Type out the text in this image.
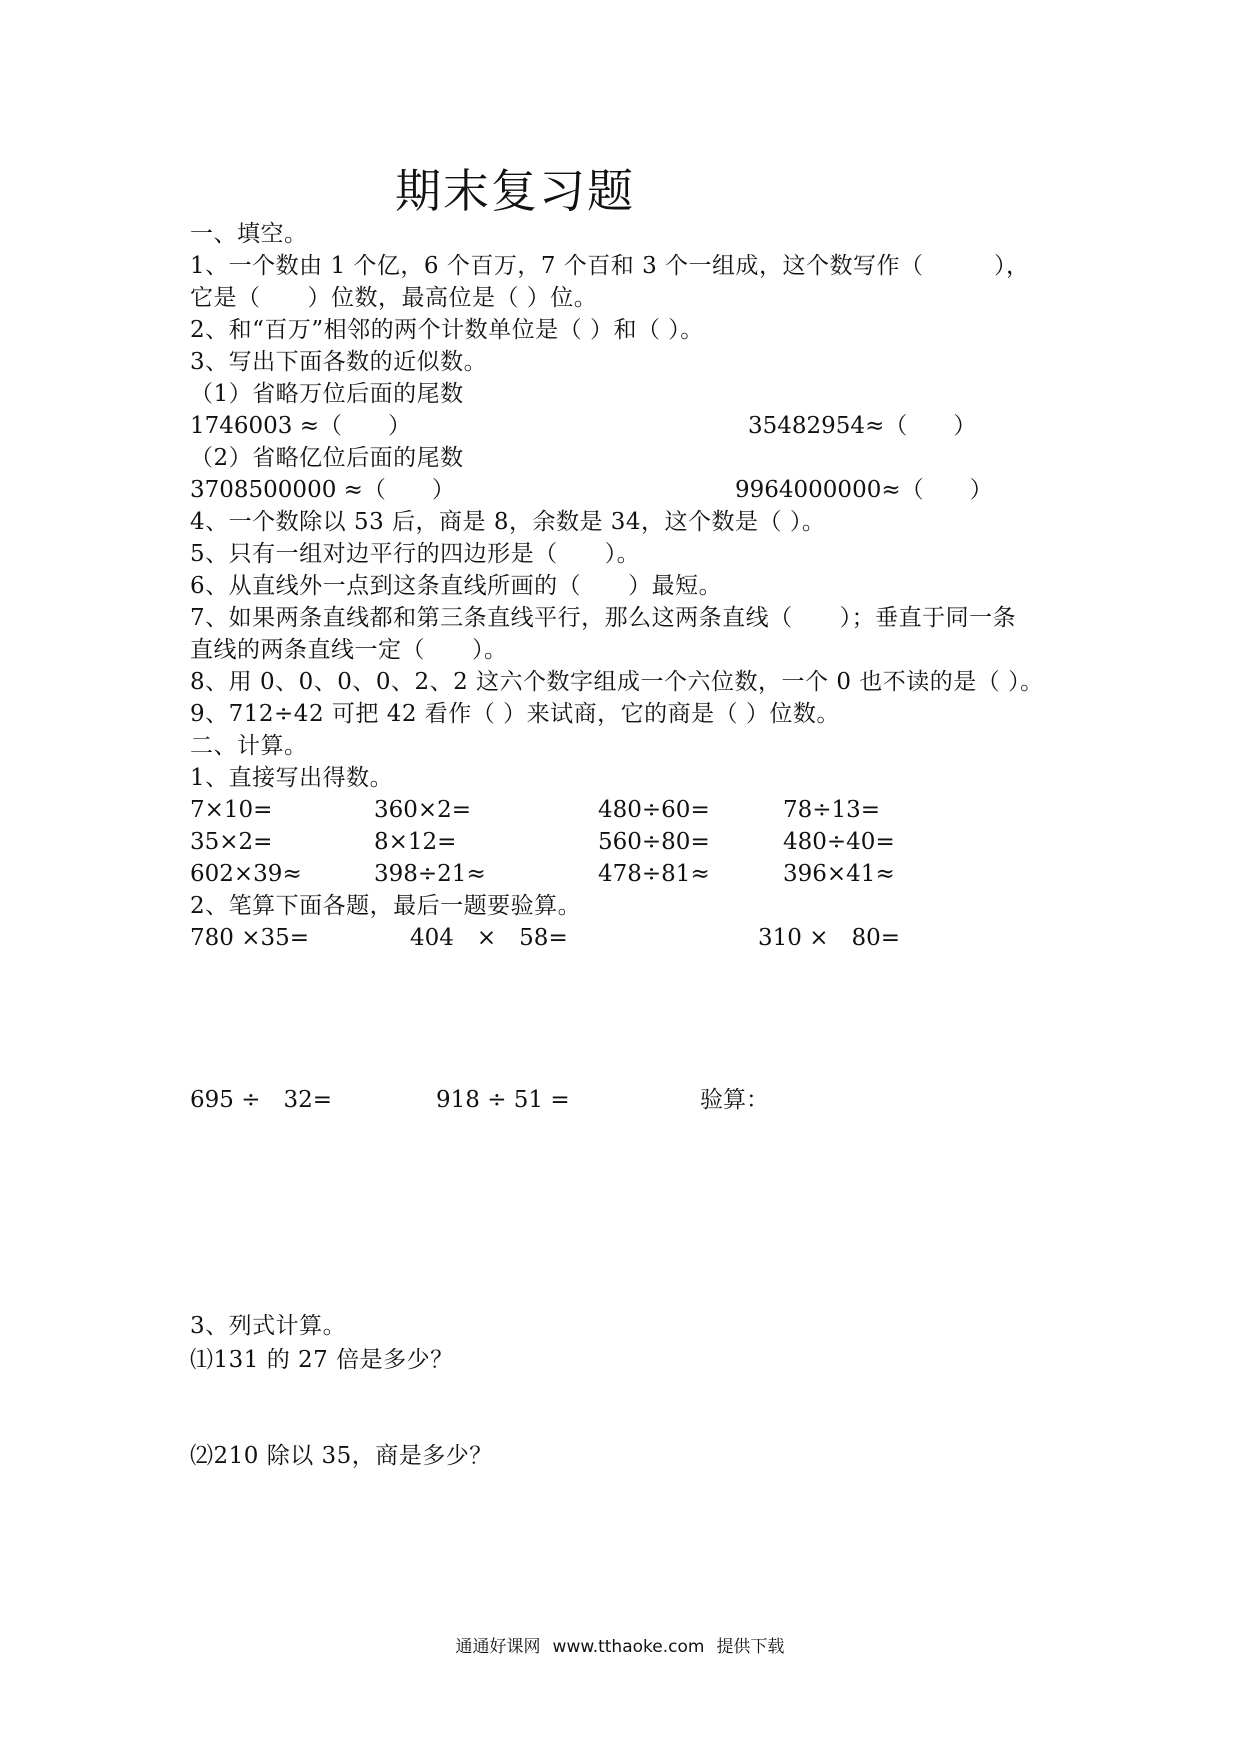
期末复习题
一、填空。
1、一个数由 1 个亿，6 个百万，7 个百和 3 个一组成，这个数写作（　　　），
它是（　　）位数，最高位是（ ）位。
2、和“百万”相邻的两个计数单位是（ ）和（ ）。
3、写出下面各数的近似数。
（1）省略万位后面的尾数
1746003 ≈（　　）	35482954≈（　　）
（2）省略亿位后面的尾数
3708500000 ≈（　　）	9964000000≈（　　）
4、一个数除以 53 后，商是 8，余数是 34，这个数是（ ）。
5、只有一组对边平行的四边形是（　　）。
6、从直线外一点到这条直线所画的（　　）最短。
7、如果两条直线都和第三条直线平行，那么这两条直线（　　）；垂直于同一条
直线的两条直线一定（　　）。
8、用 0、0、0、0、2、2 这六个数字组成一个六位数，一个 0 也不读的是（ ）。
9、712÷42 可把 42 看作（ ）来试商，它的商是（ ）位数。
二、计算。
1、直接写出得数。
7×10=	360×2=	480÷60=	78÷13=
35×2=	8×12=	560÷80=	480÷40=
602×39≈	398÷21≈	478÷81≈	396×41≈
2、笔算下面各题，最后一题要验算。
780 ×35=	404　×　58=	310 ×　80=
695 ÷　32=	918 ÷ 51 =	验算：
3、列式计算。
⑴131 的 27 倍是多少？
⑵210 除以 35，商是多少？
通通好课网 www.tthaoke.com 提供下载
